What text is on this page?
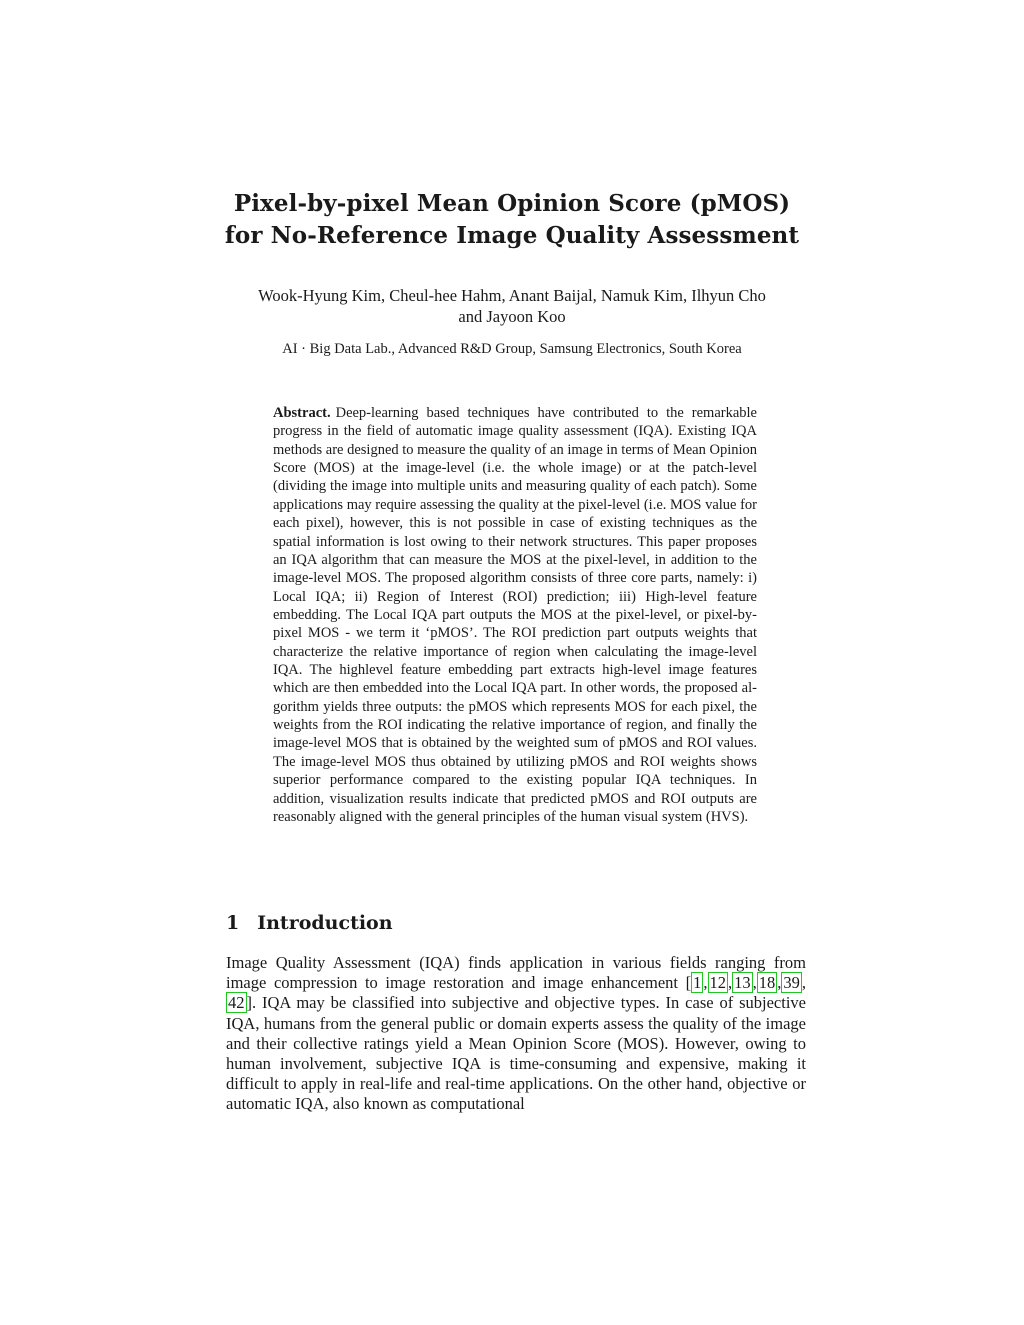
Pixel-by-pixel Mean Opinion Score (pMOS)
for No-Reference Image Quality Assessment
Wook-Hyung Kim, Cheul-hee Hahm, Anant Baijal, Namuk Kim, Ilhyun Cho
and Jayoon Koo
AI · Big Data Lab., Advanced R&D Group, Samsung Electronics, South Korea
Abstract. Deep-learning based techniques have contributed to the remarkable progress in the field of automatic image quality assessment (IQA). Existing IQA methods are designed to measure the quality of an image in terms of Mean Opinion Score (MOS) at the image-level (i.e. the whole image) or at the patch-level (dividing the image into multiple units and measuring quality of each patch). Some applications may require assessing the quality at the pixel-level (i.e. MOS value for each pixel), however, this is not possible in case of existing techniques as the spatial information is lost owing to their network structures. This paper proposes an IQA algorithm that can measure the MOS at the pixel-level, in addition to the image-level MOS. The proposed algorithm consists of three core parts, namely: i) Local IQA; ii) Region of Interest (ROI) prediction; iii) High-level feature embedding. The Local IQA part outputs the MOS at the pixel-level, or pixel-by-pixel MOS - we term it ‘pMOS’. The ROI prediction part outputs weights that characterize the relative importance of region when calculating the image-level IQA. The highlevel feature embedding part extracts high-level image features which are then embedded into the Local IQA part. In other words, the proposed algorithm yields three outputs: the pMOS which represents MOS for each pixel, the weights from the ROI indicating the relative importance of region, and finally the image-level MOS that is obtained by the weighted sum of pMOS and ROI values. The image-level MOS thus obtained by utilizing pMOS and ROI weights shows superior performance compared to the existing popular IQA techniques. In addition, visualization results indicate that predicted pMOS and ROI outputs are reasonably aligned with the general principles of the human visual system (HVS).
1 Introduction
Image Quality Assessment (IQA) finds application in various fields ranging from image compression to image restoration and image enhancement [ 1 , 12 , 13 , 18 , 39 , 42 ]. IQA may be classified into subjective and objective types. In case of subjective IQA, humans from the general public or domain experts assess the quality of the image and their collective ratings yield a Mean Opinion Score (MOS). However, owing to human involvement, subjective IQA is time-consuming and expensive, making it difficult to apply in real-life and real-time applications. On the other hand, objective or automatic IQA, also known as computational
